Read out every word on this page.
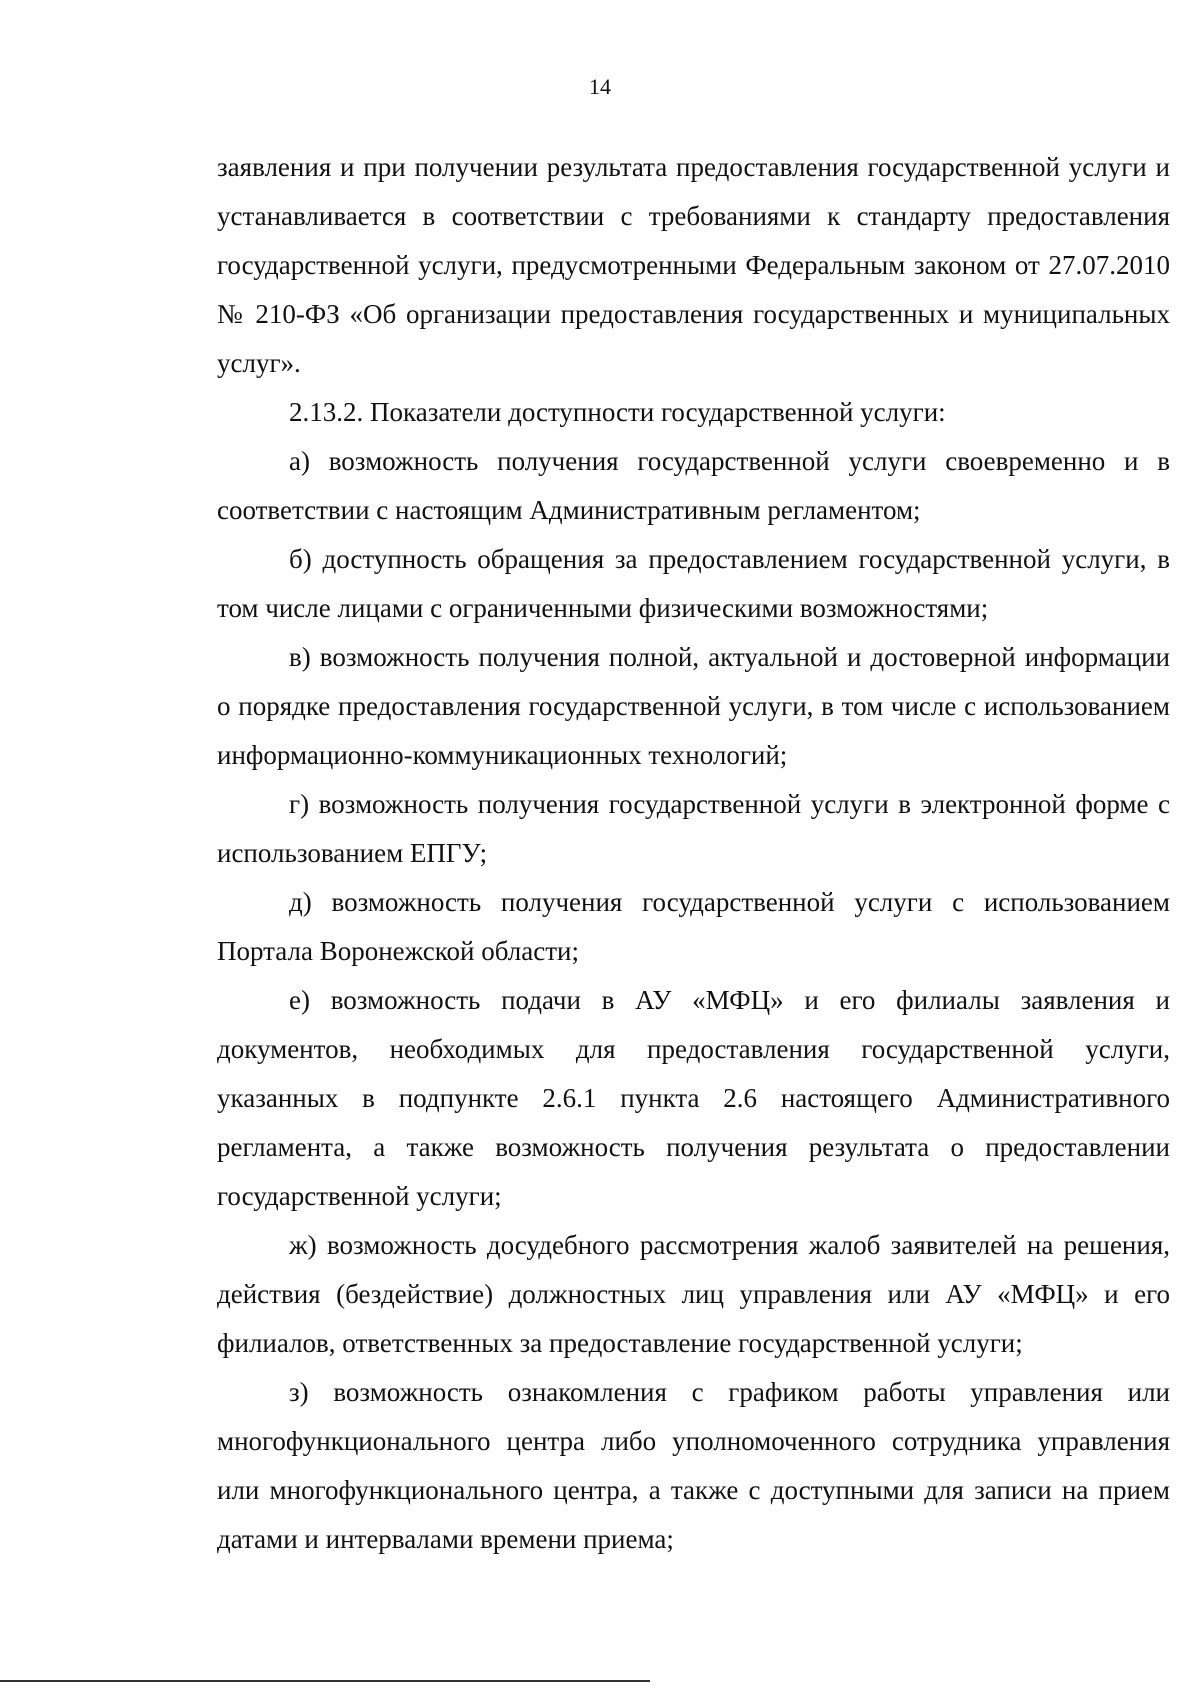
14

заявления и при получении результата предоставления государственной услуги и устанавливается в соответствии с требованиями к стандарту предоставления государственной услуги, предусмотренными Федеральным законом от 27.07.2010 № 210-ФЗ «Об организации предоставления государственных и муниципальных услуг».

2.13.2. Показатели доступности государственной услуги:

а) возможность получения государственной услуги своевременно и в соответствии с настоящим Административным регламентом;

б) доступность обращения за предоставлением государственной услуги, в том числе лицами с ограниченными физическими возможностями;

в) возможность получения полной, актуальной и достоверной информации о порядке предоставления государственной услуги, в том числе с использованием информационно-коммуникационных технологий;

г) возможность получения государственной услуги в электронной форме с использованием ЕПГУ;

д) возможность получения государственной услуги с использованием Портала Воронежской области;

е) возможность подачи в АУ «МФЦ» и его филиалы заявления и документов, необходимых для предоставления государственной услуги, указанных в подпункте 2.6.1 пункта 2.6 настоящего Административного регламента, а также возможность получения результата о предоставлении государственной услуги;

ж) возможность досудебного рассмотрения жалоб заявителей на решения, действия (бездействие) должностных лиц управления или АУ «МФЦ» и его филиалов, ответственных за предоставление государственной услуги;

з) возможность ознакомления с графиком работы управления или многофункционального центра либо уполномоченного сотрудника управления или многофункционального центра, а также с доступными для записи на прием датами и интервалами времени приема;
